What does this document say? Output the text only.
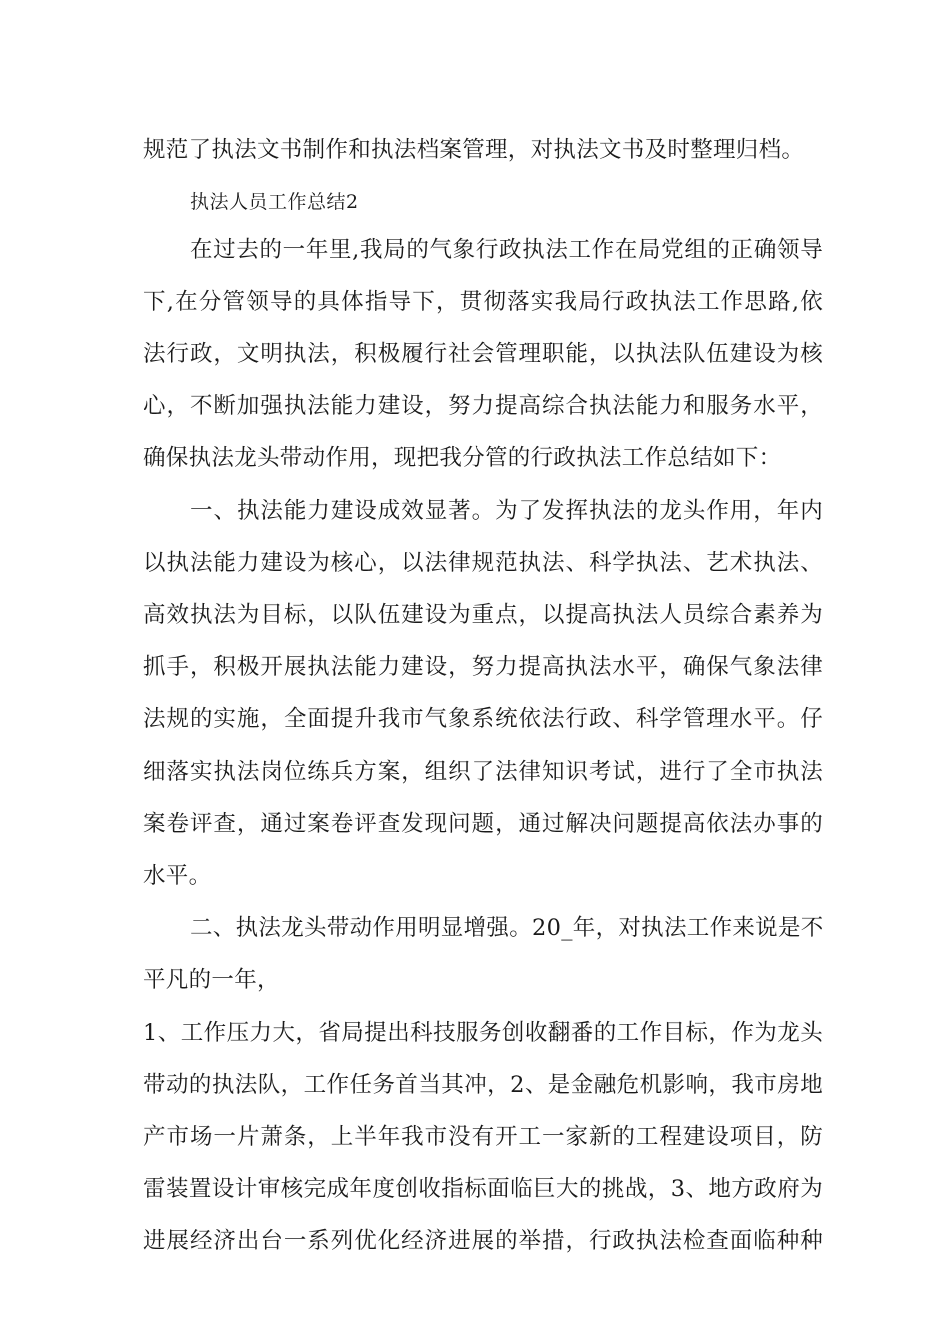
规范了执法文书制作和执法档案管理，对执法文书及时整理归档。
执法人员工作总结2
在过去的一年里,我局的气象行政执法工作在局党组的正确领导
下,在分管领导的具体指导下，贯彻落实我局行政执法工作思路,依
法行政，文明执法，积极履行社会管理职能，以执法队伍建设为核
心，不断加强执法能力建设，努力提高综合执法能力和服务水平，
确保执法龙头带动作用，现把我分管的行政执法工作总结如下：
一、执法能力建设成效显著。为了发挥执法的龙头作用，年内
以执法能力建设为核心，以法律规范执法、科学执法、艺术执法、
高效执法为目标，以队伍建设为重点，以提高执法人员综合素养为
抓手，积极开展执法能力建设，努力提高执法水平，确保气象法律
法规的实施，全面提升我市气象系统依法行政、科学管理水平。仔
细落实执法岗位练兵方案，组织了法律知识考试，进行了全市执法
案卷评查，通过案卷评查发现问题，通过解决问题提高依法办事的
水平。
二、执法龙头带动作用明显增强。20_年，对执法工作来说是不
平凡的一年，
1、工作压力大，省局提出科技服务创收翻番的工作目标，作为龙头
带动的执法队，工作任务首当其冲，2、是金融危机影响，我市房地
产市场一片萧条，上半年我市没有开工一家新的工程建设项目，防
雷装置设计审核完成年度创收指标面临巨大的挑战，3、地方政府为
进展经济出台一系列优化经济进展的举措，行政执法检查面临种种
